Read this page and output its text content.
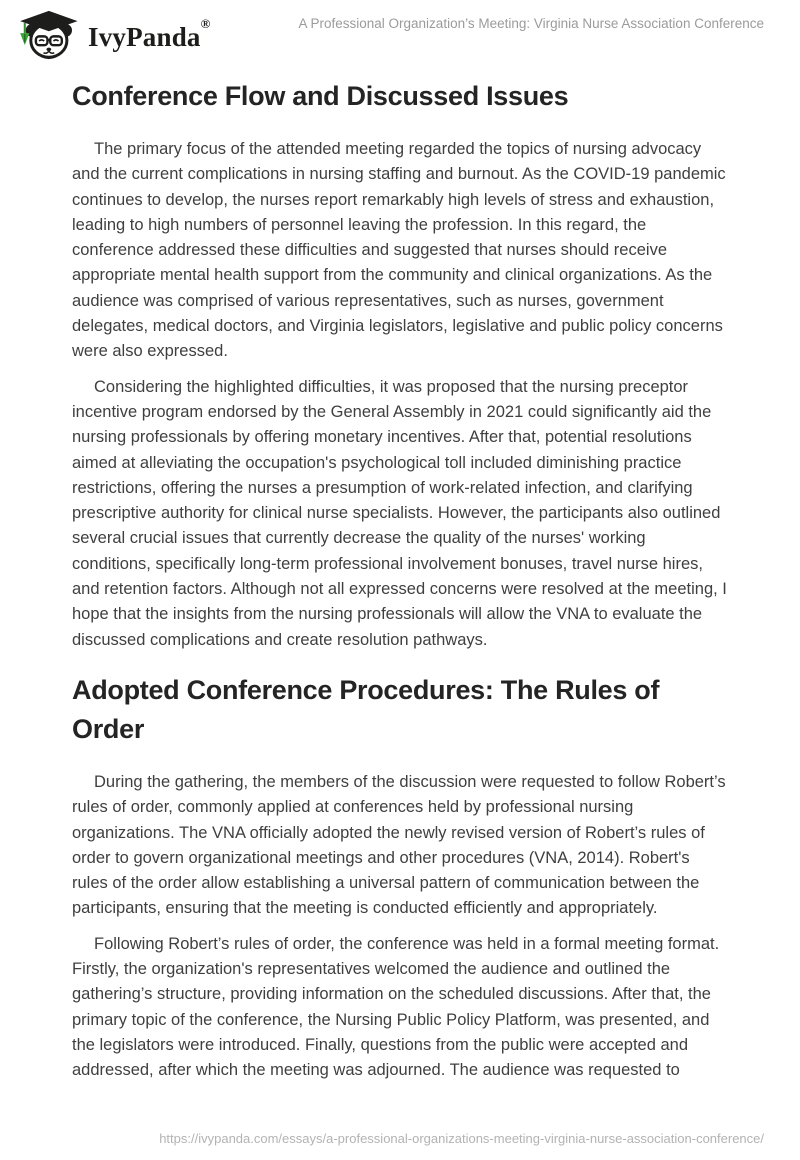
IvyPanda®	A Professional Organization’s Meeting: Virginia Nurse Association Conference
Conference Flow and Discussed Issues

The primary focus of the attended meeting regarded the topics of nursing advocacy and the current complications in nursing staffing and burnout. As the COVID-19 pandemic continues to develop, the nurses report remarkably high levels of stress and exhaustion, leading to high numbers of personnel leaving the profession. In this regard, the conference addressed these difficulties and suggested that nurses should receive appropriate mental health support from the community and clinical organizations. As the audience was comprised of various representatives, such as nurses, government delegates, medical doctors, and Virginia legislators, legislative and public policy concerns were also expressed.

Considering the highlighted difficulties, it was proposed that the nursing preceptor incentive program endorsed by the General Assembly in 2021 could significantly aid the nursing professionals by offering monetary incentives. After that, potential resolutions aimed at alleviating the occupation's psychological toll included diminishing practice restrictions, offering the nurses a presumption of work-related infection, and clarifying prescriptive authority for clinical nurse specialists. However, the participants also outlined several crucial issues that currently decrease the quality of the nurses' working conditions, specifically long-term professional involvement bonuses, travel nurse hires, and retention factors. Although not all expressed concerns were resolved at the meeting, I hope that the insights from the nursing professionals will allow the VNA to evaluate the discussed complications and create resolution pathways.

Adopted Conference Procedures: The Rules of Order

During the gathering, the members of the discussion were requested to follow Robert’s rules of order, commonly applied at conferences held by professional nursing organizations. The VNA officially adopted the newly revised version of Robert’s rules of order to govern organizational meetings and other procedures (VNA, 2014). Robert's rules of the order allow establishing a universal pattern of communication between the participants, ensuring that the meeting is conducted efficiently and appropriately.

Following Robert’s rules of order, the conference was held in a formal meeting format. Firstly, the organization's representatives welcomed the audience and outlined the gathering’s structure, providing information on the scheduled discussions. After that, the primary topic of the conference, the Nursing Public Policy Platform, was presented, and the legislators were introduced. Finally, questions from the public were accepted and addressed, after which the meeting was adjourned. The audience was requested to

https://ivypanda.com/essays/a-professional-organizations-meeting-virginia-nurse-association-conference/
